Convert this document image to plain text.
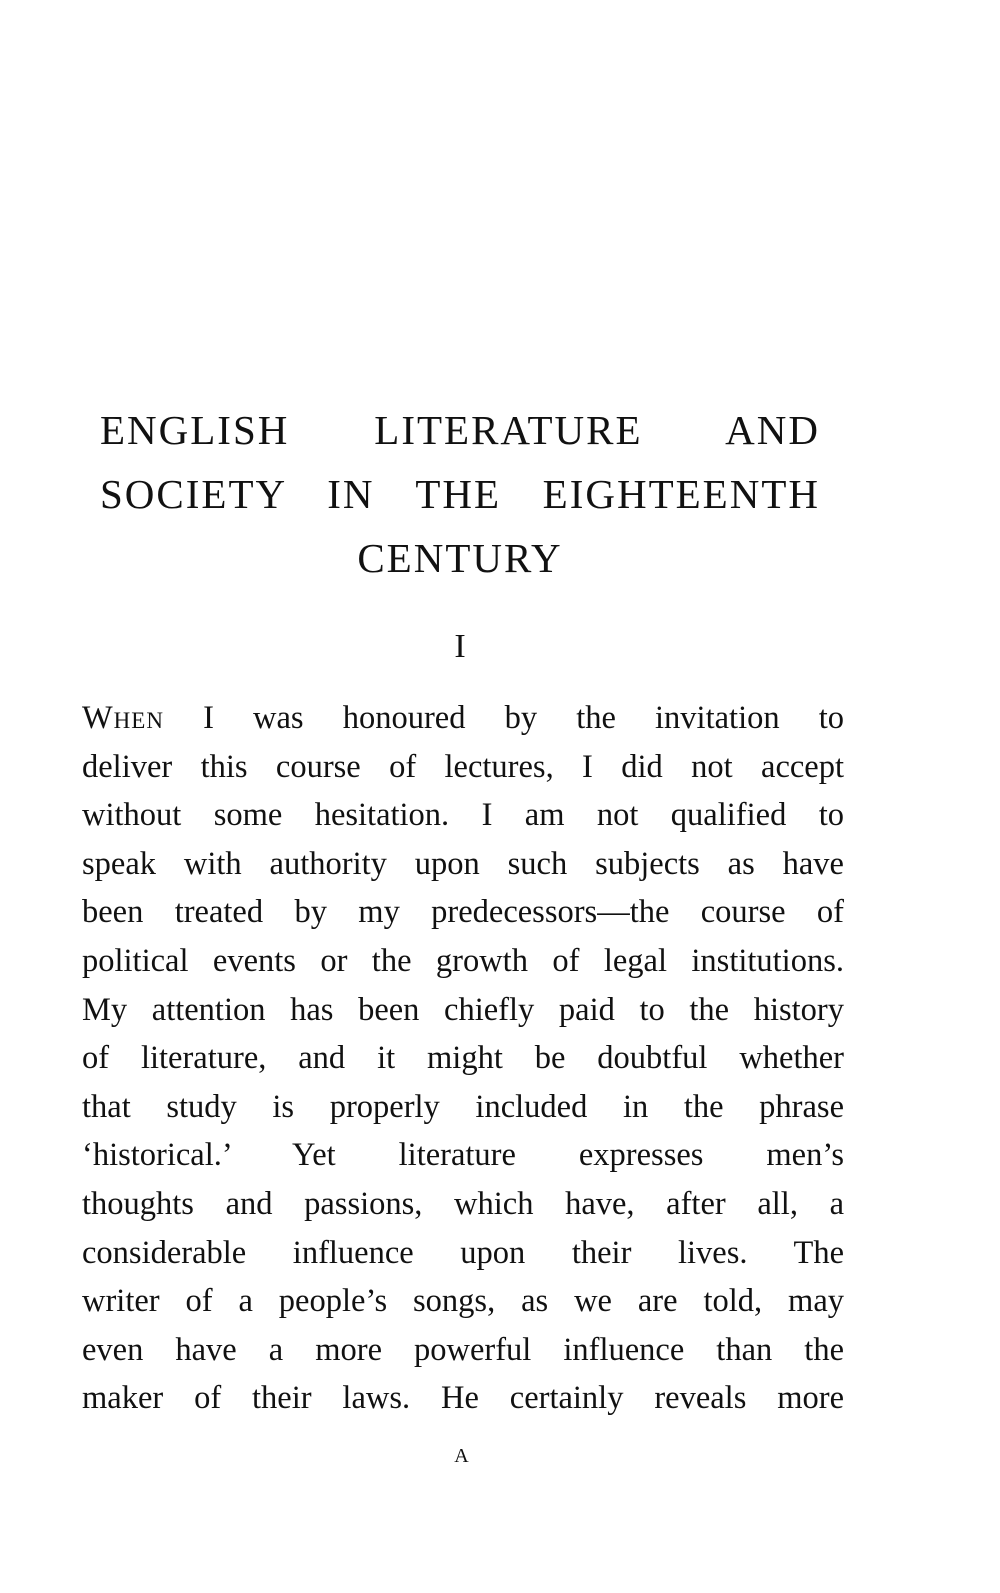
ENGLISH LITERATURE AND
SOCIETY IN THE EIGHTEENTH
CENTURY
I
When I was honoured by the invitation to
deliver this course of lectures, I did not accept
without some hesitation. I am not qualified to
speak with authority upon such subjects as have
been treated by my predecessors—the course of
political events or the growth of legal institutions.
My attention has been chiefly paid to the history
of literature, and it might be doubtful whether
that study is properly included in the phrase
‘historical.’ Yet literature expresses men’s
thoughts and passions, which have, after all, a
considerable influence upon their lives. The
writer of a people’s songs, as we are told, may
even have a more powerful influence than the
maker of their laws. He certainly reveals more
A
